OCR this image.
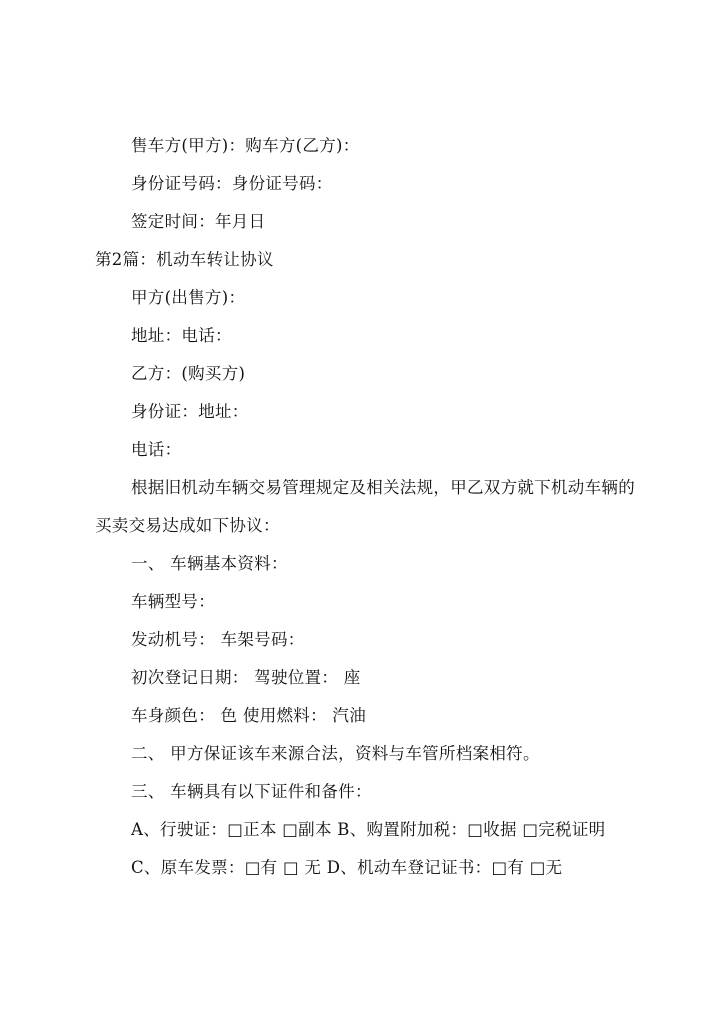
售车方(甲方)：购车方(乙方)：
身份证号码：身份证号码：
签定时间：年月日
第2篇：机动车转让协议
甲方(出售方)：
地址：电话：
乙方：(购买方)
身份证：地址：
电话：
根据旧机动车辆交易管理规定及相关法规，甲乙双方就下机动车辆的
买卖交易达成如下协议：
一、 车辆基本资料：
车辆型号：
发动机号： 车架号码：
初次登记日期： 驾驶位置： 座
车身颜色： 色 使用燃料： 汽油
二、 甲方保证该车来源合法，资料与车管所档案相符。
三、 车辆具有以下证件和备件：
A、行驶证：□正本 □副本 B、购置附加税：□收据 □完税证明
C、原车发票：□有 □ 无 D、机动车登记证书：□有 □无
